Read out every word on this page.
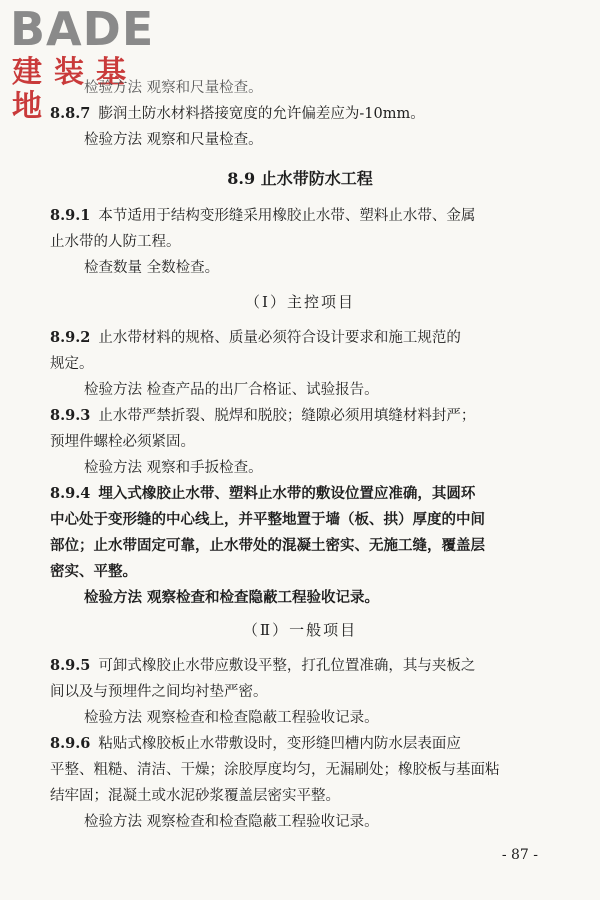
BADE
建装基地
检验方法 观察和尺量检查。
8.8.7 膨润土防水材料搭接宽度的允许偏差应为-10mm。
检验方法 观察和尺量检查。
8.9 止水带防水工程
8.9.1 本节适用于结构变形缝采用橡胶止水带、塑料止水带、金属
止水带的人防工程。
检查数量 全数检查。
（Ⅰ）主控项目
8.9.2 止水带材料的规格、质量必须符合设计要求和施工规范的
规定。
检验方法 检查产品的出厂合格证、试验报告。
8.9.3 止水带严禁折裂、脱焊和脱胶；缝隙必须用填缝材料封严；
预埋件螺栓必须紧固。
检验方法 观察和手扳检查。
8.9.4 埋入式橡胶止水带、塑料止水带的敷设位置应准确，其圆环
中心处于变形缝的中心线上，并平整地置于墙（板、拱）厚度的中间
部位；止水带固定可靠，止水带处的混凝土密实、无施工缝，覆盖层
密实、平整。
检验方法 观察检查和检查隐蔽工程验收记录。
（Ⅱ）一般项目
8.9.5 可卸式橡胶止水带应敷设平整，打孔位置准确，其与夹板之
间以及与预埋件之间均衬垫严密。
检验方法 观察检查和检查隐蔽工程验收记录。
8.9.6 粘贴式橡胶板止水带敷设时，变形缝凹槽内防水层表面应
平整、粗糙、清洁、干燥；涂胶厚度均匀，无漏刷处；橡胶板与基面粘
结牢固；混凝土或水泥砂浆覆盖层密实平整。
检验方法 观察检查和检查隐蔽工程验收记录。
- 87 -
